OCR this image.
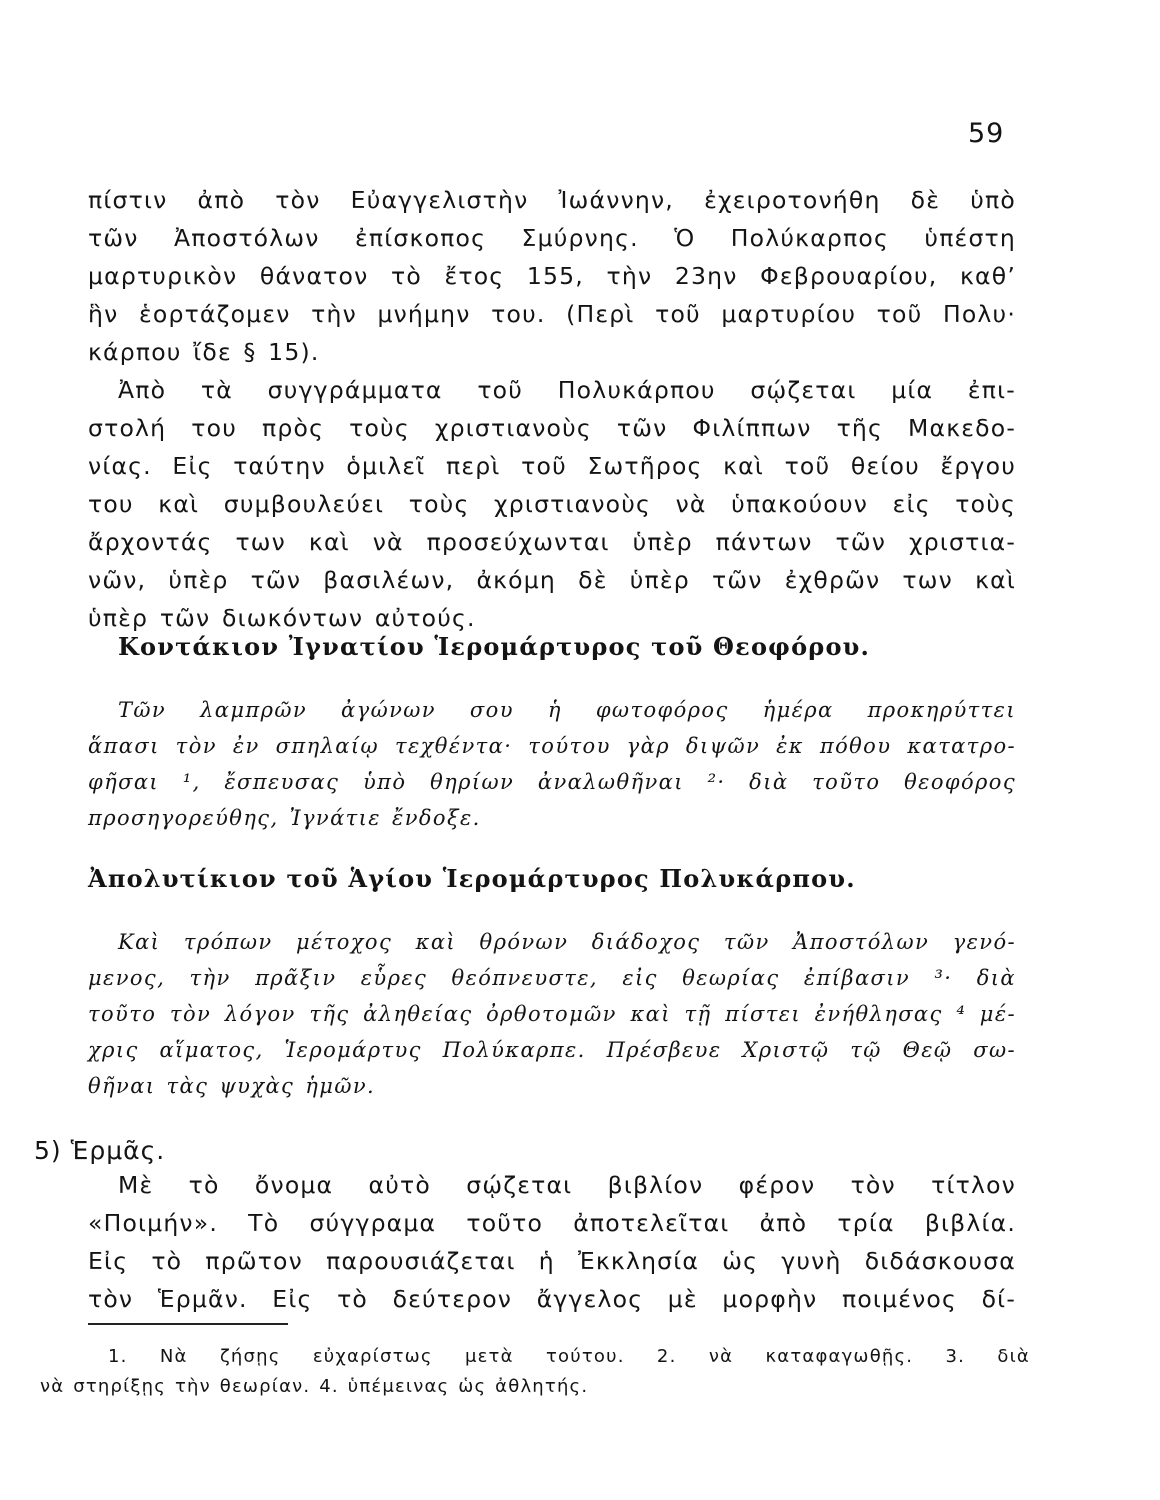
59
πίστιν ἀπὸ τὸν Εὐαγγελιστὴν Ἰωάννην, ἐχειροτονήθη δὲ ὑπὸ
τῶν Ἀποστόλων ἐπίσκοπος Σμύρνης. Ὁ Πολύκαρπος ὑπέστη
μαρτυρικὸν θάνατον τὸ ἔτος 155, τὴν 23ην Φεβρουαρίου, καθ’
ἣν ἑορτάζομεν τὴν μνήμην του. (Περὶ τοῦ μαρτυρίου τοῦ Πολυ·
κάρπου ἴδε § 15).
Ἀπὸ τὰ συγγράμματα τοῦ Πολυκάρπου σῴζεται μία ἐπι-
στολή του πρὸς τοὺς χριστιανοὺς τῶν Φιλίππων τῆς Μακεδο-
νίας. Εἰς ταύτην ὁμιλεῖ περὶ τοῦ Σωτῆρος καὶ τοῦ θείου ἔργου
του καὶ συμβουλεύει τοὺς χριστιανοὺς νὰ ὑπακούουν εἰς τοὺς
ἄρχοντάς των καὶ νὰ προσεύχωνται ὑπὲρ πάντων τῶν χριστια-
νῶν, ὑπὲρ τῶν βασιλέων, ἀκόμη δὲ ὑπὲρ τῶν ἐχθρῶν των καὶ
ὑπὲρ τῶν διωκόντων αὐτούς.
Κοντάκιον Ἰγνατίου Ἱερομάρτυρος τοῦ Θεοφόρου.
Τῶν λαμπρῶν ἀγώνων σου ἡ φωτοφόρος ἡμέρα προκηρύττει
ἅπασι τὸν ἐν σπηλαίῳ τεχθέντα· τούτου γὰρ διψῶν ἐκ πόθου κατατρο-
φῆσαι ¹, ἔσπευσας ὑπὸ θηρίων ἀναλωθῆναι ²· διὰ τοῦτο θεοφόρος
προσηγορεύθης, Ἰγνάτιε ἔνδοξε.
Ἀπολυτίκιον τοῦ Ἁγίου Ἱερομάρτυρος Πολυκάρπου.
Καὶ τρόπων μέτοχος καὶ θρόνων διάδοχος τῶν Ἀποστόλων γενό-
μενος, τὴν πρᾶξιν εὗρες θεόπνευστε, εἰς θεωρίας ἐπίβασιν ³· διὰ
τοῦτο τὸν λόγον τῆς ἀληθείας ὀρθοτομῶν καὶ τῇ πίστει ἐνήθλησας ⁴ μέ-
χρις αἵματος, Ἱερομάρτυς Πολύκαρπε. Πρέσβευε Χριστῷ τῷ Θεῷ σω-
θῆναι τὰς ψυχὰς ἡμῶν.
5) Ἑρμᾶς.
Μὲ τὸ ὄνομα αὐτὸ σῴζεται βιβλίον φέρον τὸν τίτλον
«Ποιμήν». Τὸ σύγγραμα τοῦτο ἀποτελεῖται ἀπὸ τρία βιβλία.
Εἰς τὸ πρῶτον παρουσιάζεται ἡ Ἐκκλησία ὡς γυνὴ διδάσκουσα
τὸν Ἑρμᾶν. Εἰς τὸ δεύτερον ἄγγελος μὲ μορφὴν ποιμένος δί-
1. Νὰ ζήσῃς εὐχαρίστως μετὰ τούτου. 2. νὰ καταφαγωθῇς. 3. διὰ
νὰ στηρίξῃς τὴν θεωρίαν. 4. ὑπέμεινας ὡς ἀθλητής.
